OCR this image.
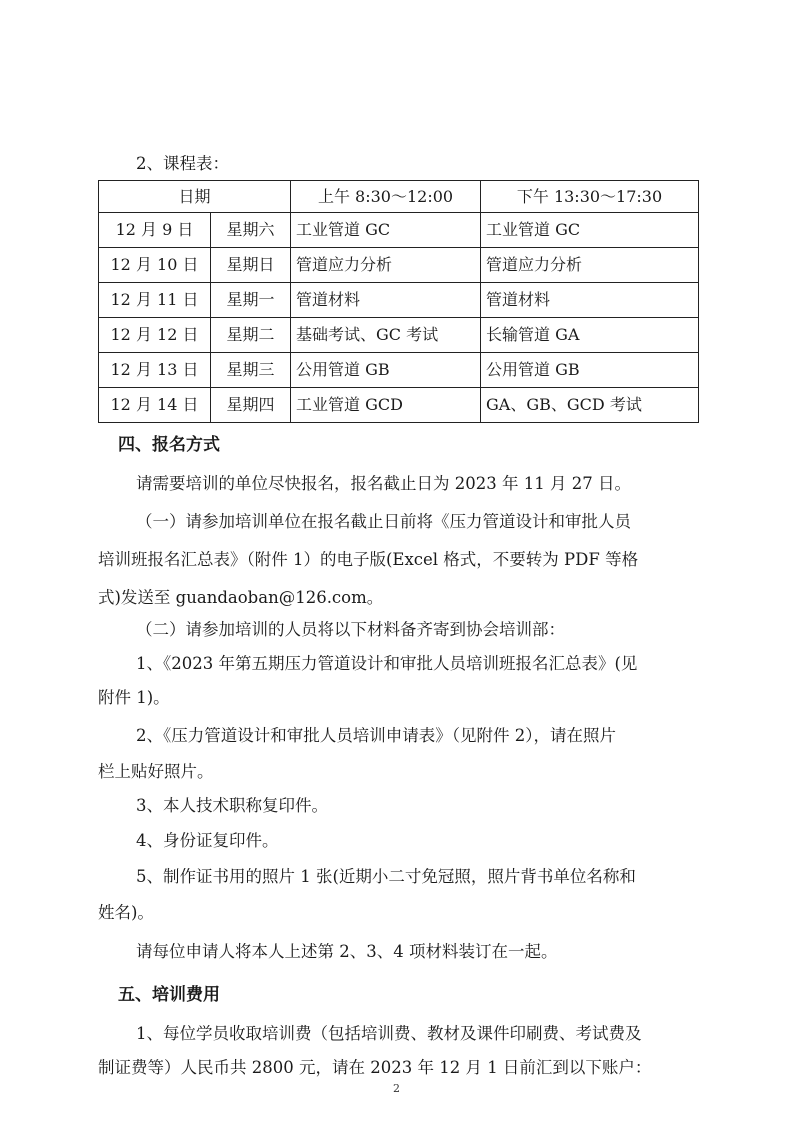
2、课程表：
日期		上午 8:30～12:00	下午 13:30～17:30
12 月 9 日	星期六	工业管道 GC	工业管道 GC
12 月 10 日	星期日	管道应力分析	管道应力分析
12 月 11 日	星期一	管道材料	管道材料
12 月 12 日	星期二	基础考试、GC 考试	长输管道 GA
12 月 13 日	星期三	公用管道 GB	公用管道 GB
12 月 14 日	星期四	工业管道 GCD	GA、GB、GCD 考试
四、报名方式
请需要培训的单位尽快报名，报名截止日为 2023 年 11 月 27 日。
（一）请参加培训单位在报名截止日前将《压力管道设计和审批人员
培训班报名汇总表》（附件 1）的电子版(Excel 格式，不要转为 PDF 等格
式)发送至 guandaoban@126.com。
（二）请参加培训的人员将以下材料备齐寄到协会培训部：
1、《2023 年第五期压力管道设计和审批人员培训班报名汇总表》(见
附件 1)。
2、《压力管道设计和审批人员培训申请表》（见附件 2），请在照片
栏上贴好照片。
3、本人技术职称复印件。
4、身份证复印件。
5、制作证书用的照片 1 张(近期小二寸免冠照，照片背书单位名称和
姓名)。
请每位申请人将本人上述第 2、3、4 项材料装订在一起。
五、培训费用
1、每位学员收取培训费（包括培训费、教材及课件印刷费、考试费及
制证费等）人民币共 2800 元，请在 2023 年 12 月 1 日前汇到以下账户：
2
